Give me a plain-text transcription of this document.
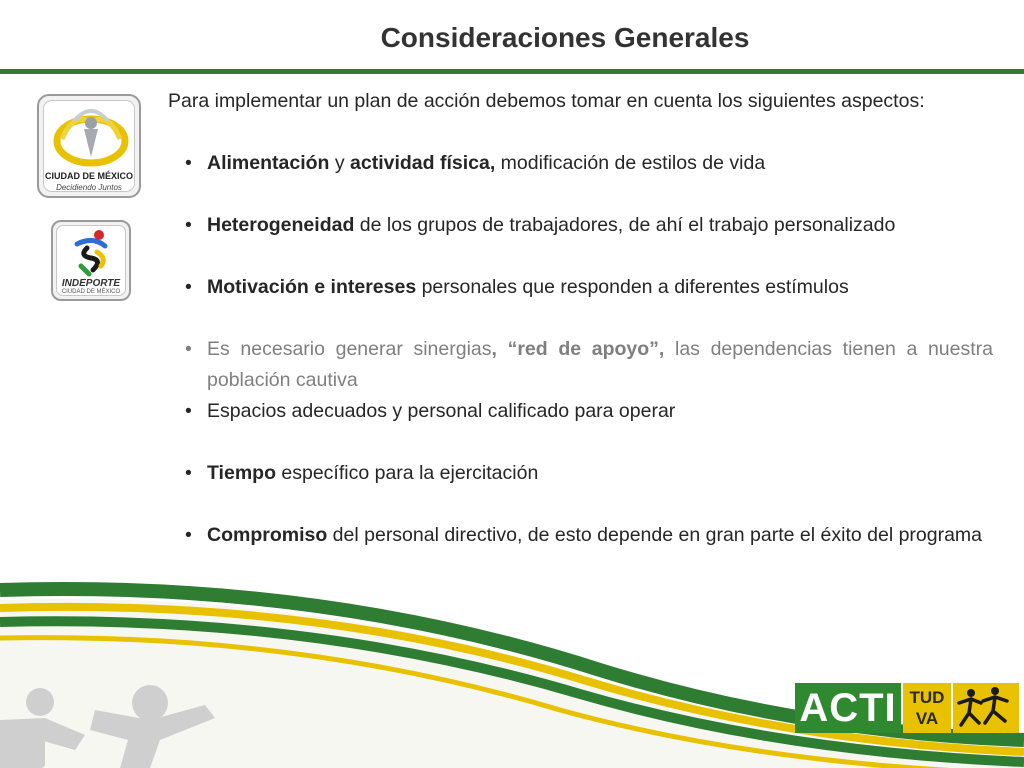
Consideraciones Generales
CIUDAD DE MÉXICO
Decidiendo Juntos
INDEPORTE
CIUDAD DE MÉXICO

Para implementar un plan de acción debemos tomar en cuenta los siguientes aspectos:

• Alimentación y actividad física, modificación de estilos de vida
• Heterogeneidad de los grupos de trabajadores, de ahí el trabajo personalizado
• Motivación e intereses personales que responden a diferentes estímulos
• Es necesario generar sinergias, “red de apoyo”, las dependencias tienen a nuestra población cautiva
• Espacios adecuados y personal calificado para operar
• Tiempo específico para la ejercitación
• Compromiso del personal directivo, de esto depende en gran parte el éxito del programa
ACTI TUD
VA
